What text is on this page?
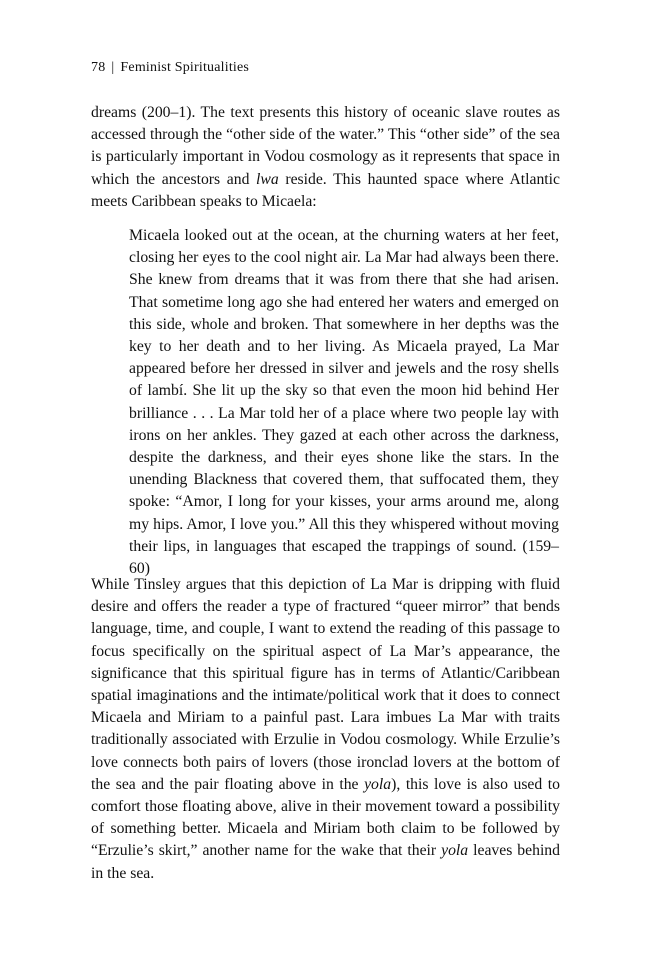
78 | Feminist Spiritualities

dreams (200–1). The text presents this history of oceanic slave routes as accessed through the “other side of the water.” This “other side” of the sea is particularly important in Vodou cosmology as it represents that space in which the ancestors and lwa reside. This haunted space where Atlantic meets Caribbean speaks to Micaela:

Micaela looked out at the ocean, at the churning waters at her feet, closing her eyes to the cool night air. La Mar had always been there. She knew from dreams that it was from there that she had arisen. That sometime long ago she had entered her waters and emerged on this side, whole and broken. That somewhere in her depths was the key to her death and to her living. As Micaela prayed, La Mar appeared before her dressed in silver and jewels and the rosy shells of lambí. She lit up the sky so that even the moon hid behind Her brilliance . . . La Mar told her of a place where two people lay with irons on her ankles. They gazed at each other across the darkness, despite the darkness, and their eyes shone like the stars. In the unending Blackness that covered them, that suffocated them, they spoke: “Amor, I long for your kisses, your arms around me, along my hips. Amor, I love you.” All this they whispered without moving their lips, in languages that escaped the trappings of sound. (159–60)

While Tinsley argues that this depiction of La Mar is dripping with fluid desire and offers the reader a type of fractured “queer mirror” that bends language, time, and couple, I want to extend the reading of this passage to focus specifically on the spiritual aspect of La Mar’s appearance, the significance that this spiritual figure has in terms of Atlantic/Caribbean spatial imaginations and the intimate/political work that it does to connect Micaela and Miriam to a painful past. Lara imbues La Mar with traits traditionally associated with Erzulie in Vodou cosmology. While Erzulie’s love connects both pairs of lovers (those ironclad lovers at the bottom of the sea and the pair floating above in the yola), this love is also used to comfort those floating above, alive in their movement toward a possibility of something better. Micaela and Miriam both claim to be followed by “Erzulie’s skirt,” another name for the wake that their yola leaves behind in the sea.
